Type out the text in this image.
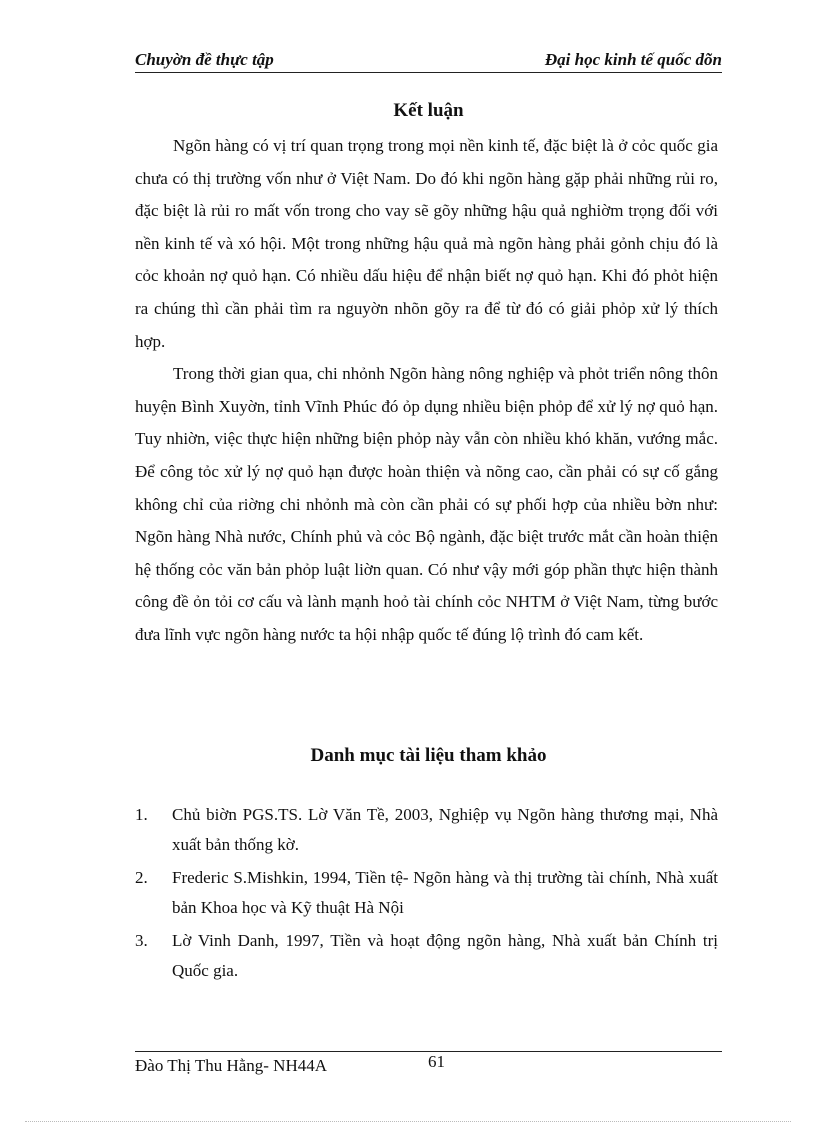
Chuyờn đề thực tập	Đại học kinh tế quốc dõn
Kết luận

Ngõn hàng có vị trí quan trọng trong mọi nền kinh tế, đặc biệt là ở cỏc quốc gia chưa có thị trường vốn như ở Việt Nam. Do đó khi ngõn hàng gặp phải những rủi ro, đặc biệt là rủi ro mất vốn trong cho vay sẽ gõy những hậu quả nghiờm trọng đối với nền kinh tế và xó hội. Một trong những hậu quả mà ngõn hàng phải gỏnh chịu đó là cỏc khoản nợ quỏ hạn. Có nhiều dấu hiệu để nhận biết nợ quỏ hạn. Khi đó phỏt hiện ra chúng thì cần phải tìm ra nguyờn nhõn gõy ra để từ đó có giải phỏp xử lý thích hợp.

Trong thời gian qua, chi nhỏnh Ngõn hàng nông nghiệp và phỏt triển nông thôn huyện Bình Xuyờn, tỉnh Vĩnh Phúc đó ỏp dụng nhiều biện phỏp để xử lý nợ quỏ hạn. Tuy nhiờn, việc thực hiện những biện phỏp này vẫn còn nhiều khó khăn, vướng mắc. Để công tỏc xử lý nợ quỏ hạn được hoàn thiện và nõng cao, cần phải có sự cố gắng không chỉ của riờng chi nhỏnh mà còn cần phải có sự phối hợp của nhiều bờn như: Ngõn hàng Nhà nước, Chính phủ và cỏc Bộ ngành, đặc biệt trước mắt cần hoàn thiện hệ thống cỏc văn bản phỏp luật liờn quan. Có như vậy mới góp phần thực hiện thành công đề ỏn tỏi cơ cấu và lành mạnh hoỏ tài chính cỏc NHTM ở Việt Nam, từng bước đưa lĩnh vực ngõn hàng nước ta hội nhập quốc tế đúng lộ trình đó cam kết.

Danh mục tài liệu tham khảo
1. Chủ biờn PGS.TS. Lờ Văn Tề, 2003, Nghiệp vụ Ngõn hàng thương mại, Nhà xuất bản thống kờ.
2. Frederic S.Mishkin, 1994, Tiền tệ- Ngõn hàng và thị trường tài chính, Nhà xuất bản Khoa học và Kỹ thuật Hà Nội
3. Lờ Vinh Danh, 1997, Tiền và hoạt động ngõn hàng, Nhà xuất bản Chính trị Quốc gia.
Đào Thị Thu Hằng- NH44A	61
